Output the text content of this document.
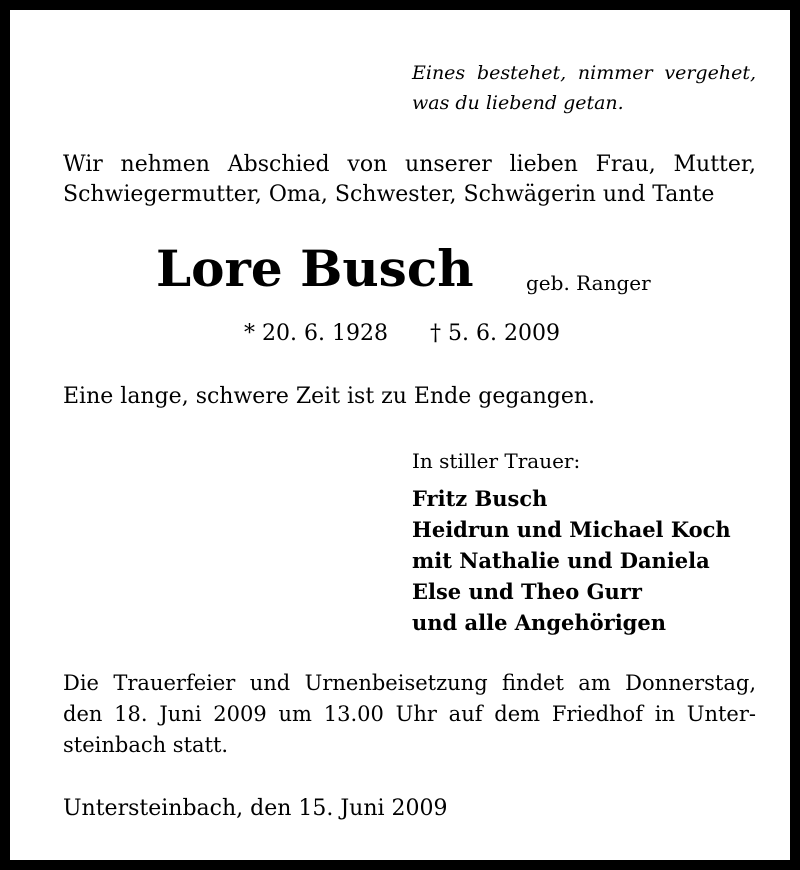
Eines bestehet, nimmer vergehet,
was du liebend getan.
Wir nehmen Abschied von unserer lieben Frau, Mutter,
Schwiegermutter, Oma, Schwester, Schwägerin und Tante
Lore Busch	geb. Ranger
* 20. 6. 1928 † 5. 6. 2009
Eine lange, schwere Zeit ist zu Ende gegangen.
In stiller Trauer:
Fritz Busch
Heidrun und Michael Koch
mit Nathalie und Daniela
Else und Theo Gurr
und alle Angehörigen
Die Trauerfeier und Urnenbeisetzung findet am Donnerstag,
den 18. Juni 2009 um 13.00 Uhr auf dem Friedhof in Unter-
steinbach statt.
Untersteinbach, den 15. Juni 2009
